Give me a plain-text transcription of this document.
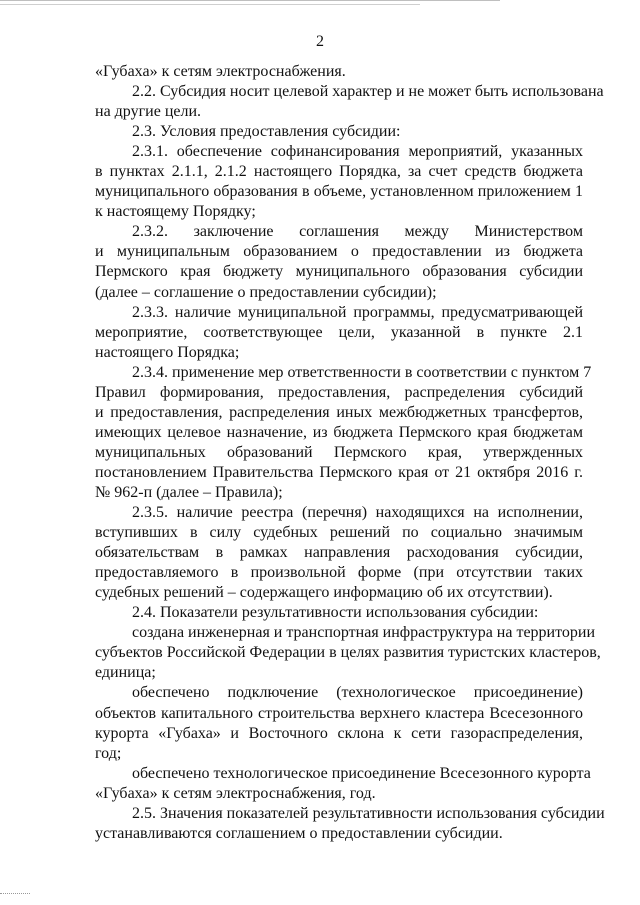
2
«Губаха» к сетям электроснабжения.
2.2. Субсидия носит целевой характер и не может быть использована
на другие цели.
2.3. Условия предоставления субсидии:
2.3.1. обеспечение софинансирования мероприятий, указанных
в пунктах 2.1.1, 2.1.2 настоящего Порядка, за счет средств бюджета
муниципального образования в объеме, установленном приложением 1
к настоящему Порядку;
2.3.2. заключение соглашения между Министерством
и муниципальным образованием о предоставлении из бюджета
Пермского края бюджету муниципального образования субсидии
(далее – соглашение о предоставлении субсидии);
2.3.3. наличие муниципальной программы, предусматривающей
мероприятие, соответствующее цели, указанной в пункте 2.1
настоящего Порядка;
2.3.4. применение мер ответственности в соответствии с пунктом 7
Правил формирования, предоставления, распределения субсидий
и предоставления, распределения иных межбюджетных трансфертов,
имеющих целевое назначение, из бюджета Пермского края бюджетам
муниципальных образований Пермского края, утвержденных
постановлением Правительства Пермского края от 21 октября 2016 г.
№ 962-п (далее – Правила);
2.3.5. наличие реестра (перечня) находящихся на исполнении,
вступивших в силу судебных решений по социально значимым
обязательствам в рамках направления расходования субсидии,
предоставляемого в произвольной форме (при отсутствии таких
судебных решений – содержащего информацию об их отсутствии).
2.4. Показатели результативности использования субсидии:
создана инженерная и транспортная инфраструктура на территории
субъектов Российской Федерации в целях развития туристских кластеров,
единица;
обеспечено подключение (технологическое присоединение)
объектов капитального строительства верхнего кластера Всесезонного
курорта «Губаха» и Восточного склона к сети газораспределения,
год;
обеспечено технологическое присоединение Всесезонного курорта
«Губаха» к сетям электроснабжения, год.
2.5. Значения показателей результативности использования субсидии
устанавливаются соглашением о предоставлении субсидии.
